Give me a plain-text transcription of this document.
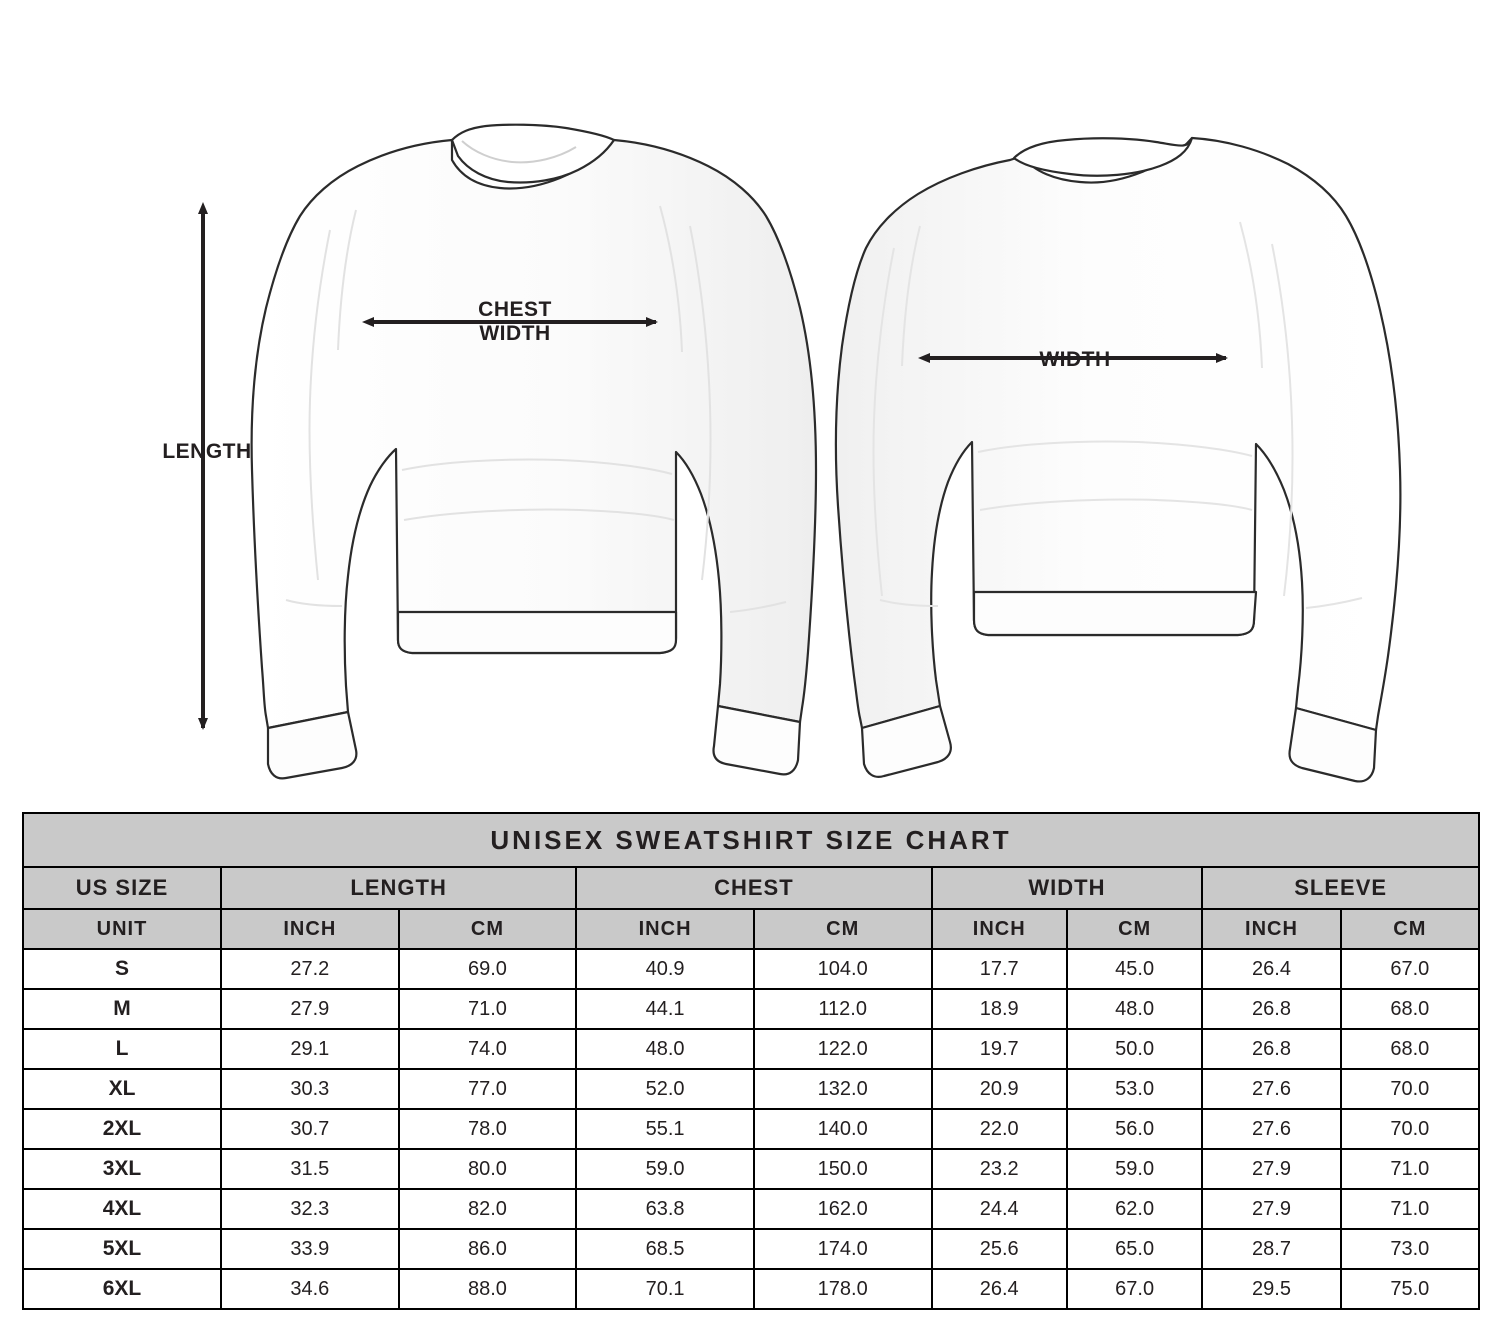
LENGTH
CHEST
WIDTH
WIDTH
UNISEX SWEATSHIRT SIZE CHART								
US SIZE	LENGTH		CHEST		WIDTH		SLEEVE	
UNIT	INCH	CM	INCH	CM	INCH	CM	INCH	CM
S	27.2	69.0	40.9	104.0	17.7	45.0	26.4	67.0
M	27.9	71.0	44.1	112.0	18.9	48.0	26.8	68.0
L	29.1	74.0	48.0	122.0	19.7	50.0	26.8	68.0
XL	30.3	77.0	52.0	132.0	20.9	53.0	27.6	70.0
2XL	30.7	78.0	55.1	140.0	22.0	56.0	27.6	70.0
3XL	31.5	80.0	59.0	150.0	23.2	59.0	27.9	71.0
4XL	32.3	82.0	63.8	162.0	24.4	62.0	27.9	71.0
5XL	33.9	86.0	68.5	174.0	25.6	65.0	28.7	73.0
6XL	34.6	88.0	70.1	178.0	26.4	67.0	29.5	75.0
